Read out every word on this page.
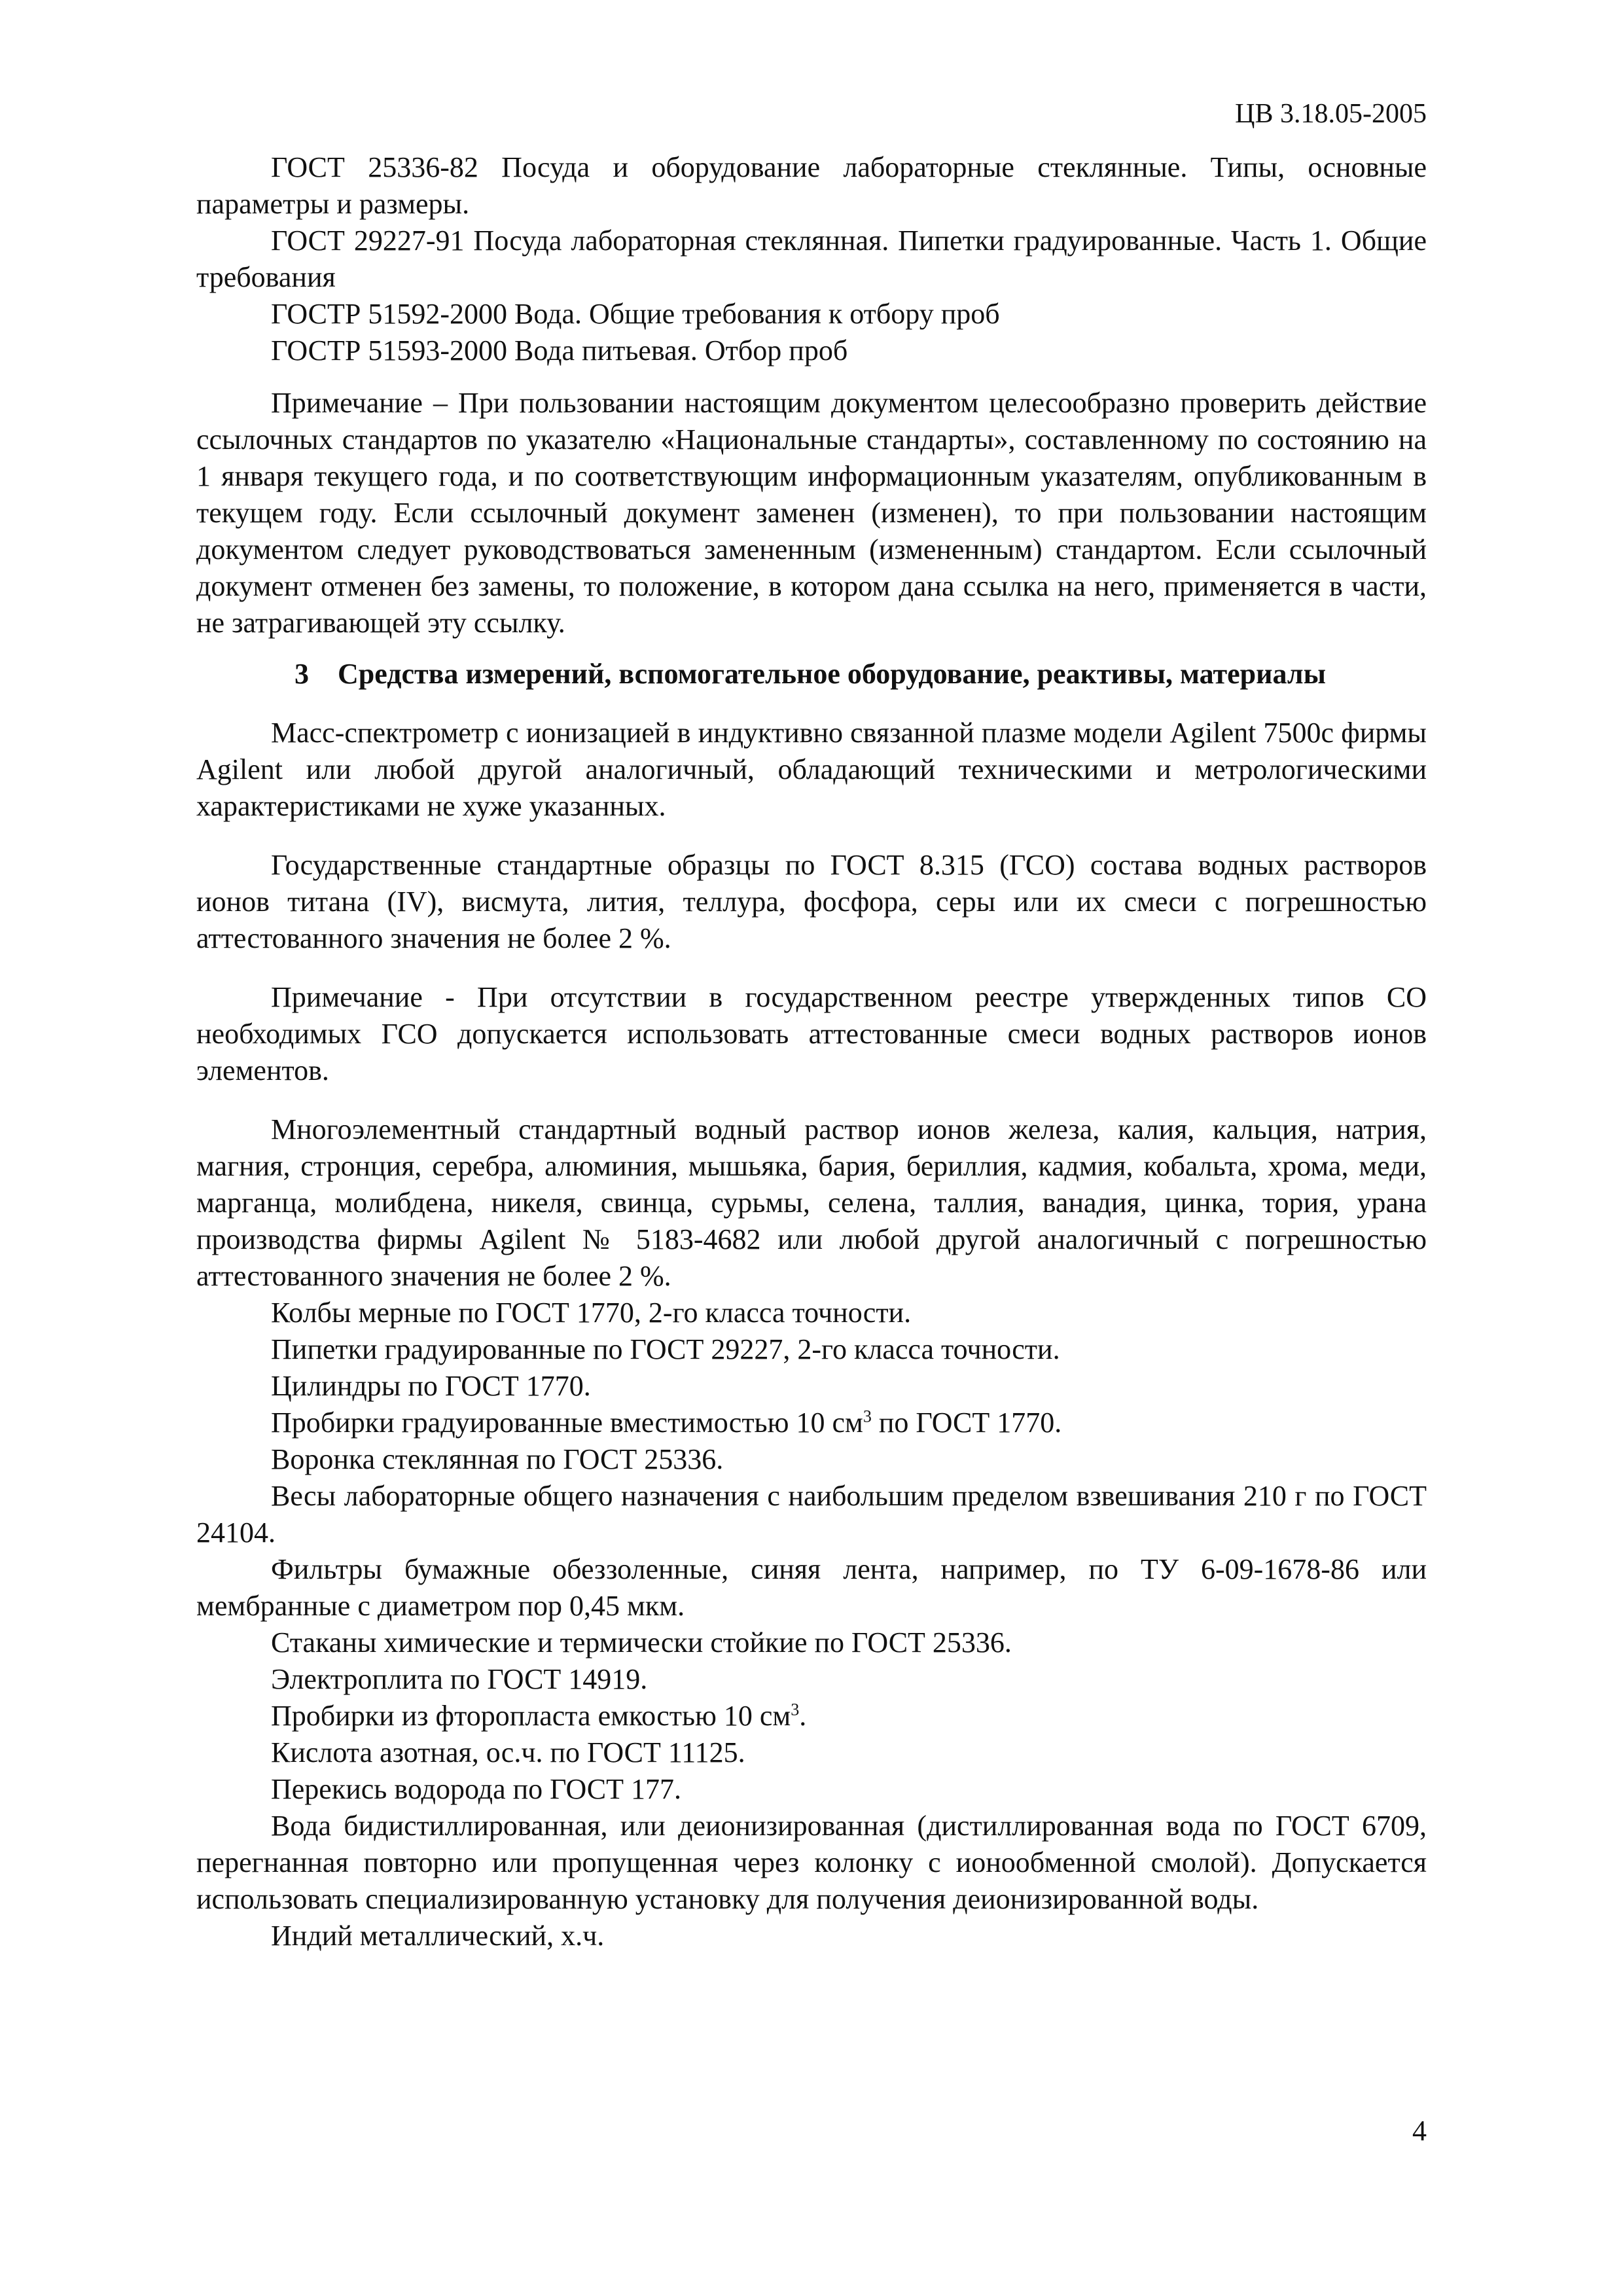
ЦВ 3.18.05-2005

ГОСТ 25336-82 Посуда и оборудование лабораторные стеклянные. Типы, основные параметры и размеры.

ГОСТ 29227-91 Посуда лабораторная стеклянная. Пипетки градуированные. Часть 1. Общие требования

ГОСТР 51592-2000 Вода. Общие требования к отбору проб

ГОСТР 51593-2000 Вода питьевая. Отбор проб

Примечание – При пользовании настоящим документом целесообразно проверить действие ссылочных стандартов по указателю «Национальные стандарты», составленному по состоянию на 1 января текущего года, и по соответствующим информационным указателям, опубликованным в текущем году. Если ссылочный документ заменен (изменен), то при пользовании настоящим документом следует руководствоваться замененным (измененным) стандартом. Если ссылочный документ отменен без замены, то положение, в котором дана ссылка на него, применяется в части, не затрагивающей эту ссылку.

3 Средства измерений, вспомогательное оборудование, реактивы, материалы

Масс-спектрометр с ионизацией в индуктивно связанной плазме модели Agilent 7500с фирмы Agilent или любой другой аналогичный, обладающий техническими и метрологическими характеристиками не хуже указанных.

Государственные стандартные образцы по ГОСТ 8.315 (ГСО) состава водных растворов ионов титана (IV), висмута, лития, теллура, фосфора, серы или их смеси с погрешностью аттестованного значения не более 2 %.

Примечание - При отсутствии в государственном реестре утвержденных типов СО необходимых ГСО допускается использовать аттестованные смеси водных растворов ионов элементов.

Многоэлементный стандартный водный раствор ионов железа, калия, кальция, натрия, магния, стронция, серебра, алюминия, мышьяка, бария, бериллия, кадмия, кобальта, хрома, меди, марганца, молибдена, никеля, свинца, сурьмы, селена, таллия, ванадия, цинка, тория, урана производства фирмы Agilent № 5183-4682 или любой другой аналогичный с погрешностью аттестованного значения не более 2 %.

Колбы мерные по ГОСТ 1770, 2-го класса точности.

Пипетки градуированные по ГОСТ 29227, 2-го класса точности.

Цилиндры по ГОСТ 1770.

Пробирки градуированные вместимостью 10 $см^3$ по ГОСТ 1770.

Воронка стеклянная по ГОСТ 25336.

Весы лабораторные общего назначения с наибольшим пределом взвешивания 210 г по ГОСТ 24104.

Фильтры бумажные обеззоленные, синяя лента, например, по ТУ 6-09-1678-86 или мембранные с диаметром пор 0,45 мкм.

Стаканы химические и термически стойкие по ГОСТ 25336.

Электроплита по ГОСТ 14919.

Пробирки из фторопласта емкостью 10 $см^3$.

Кислота азотная, ос.ч. по ГОСТ 11125.

Перекись водорода по ГОСТ 177.

Вода бидистиллированная, или деионизированная (дистиллированная вода по ГОСТ 6709, перегнанная повторно или пропущенная через колонку с ионообменной смолой). Допускается использовать специализированную установку для получения деионизированной воды.

Индий металлический, х.ч.

4
